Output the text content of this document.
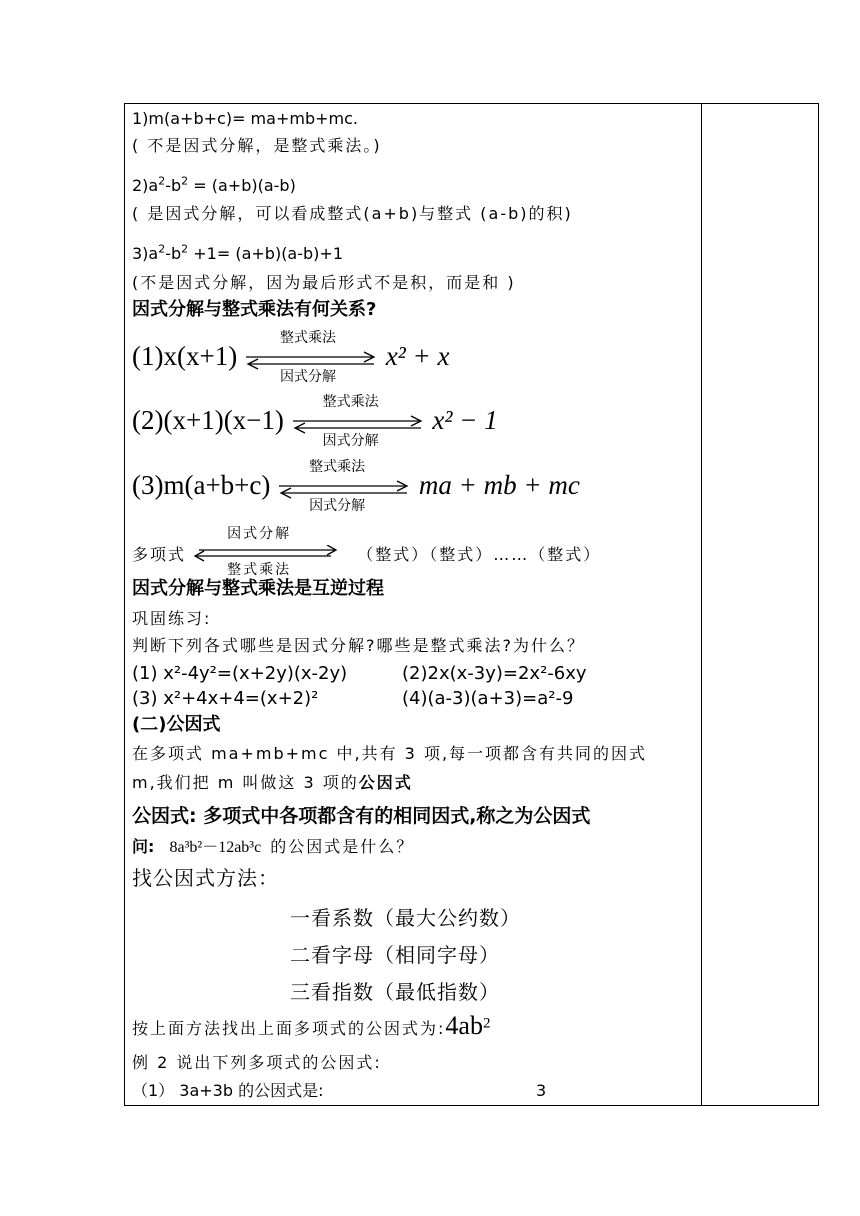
1)m(a+b+c)= ma+mb+mc.
( 不是因式分解，是整式乘法。)
$2)a^2-b^2 = (a+b)(a-b)$
( 是因式分解，可以看成整式(a+b)与整式 (a-b)的积)
$3)a^2-b^2 +1= (a+b)(a-b)+1$
(不是因式分解，因为最后形式不是积，而是和 )
因式分解与整式乘法有何关系?
(1)x(x+1)
整式乘法
因式分解
x² + x
(2)(x+1)(x−1)
整式乘法
因式分解
x² − 1
(3)m(a+b+c)
整式乘法
因式分解
ma + mb + mc
多项式
因式分解
整式乘法
（整式）（整式）……（整式）
因式分解与整式乘法是互逆过程
巩固练习:
判断下列各式哪些是因式分解?哪些是整式乘法?为什么？
(1) x²-4y²=(x+2y)(x-2y)	(2)2x(x-3y)=2x²-6xy
(3) x²+4x+4=(x+2)²	(4)(a-3)(a+3)=a²-9
(二)公因式
在多项式 ma+mb+mc 中,共有 3 项,每一项都含有共同的因式
m,我们把 m 叫做这 3 项的公因式
公因式: 多项式中各项都含有的相同因式,称之为公因式
问: 8a³b²－12ab³c 的公因式是什么？
找公因式方法：
一看系数（最大公约数）
二看字母（相同字母）
三看指数（最低指数）
按上面方法找出上面多项式的公因式为$:4ab^2$
例 2 说出下列多项式的公因式:
（1） 3a+3b 的公因式是:	3
